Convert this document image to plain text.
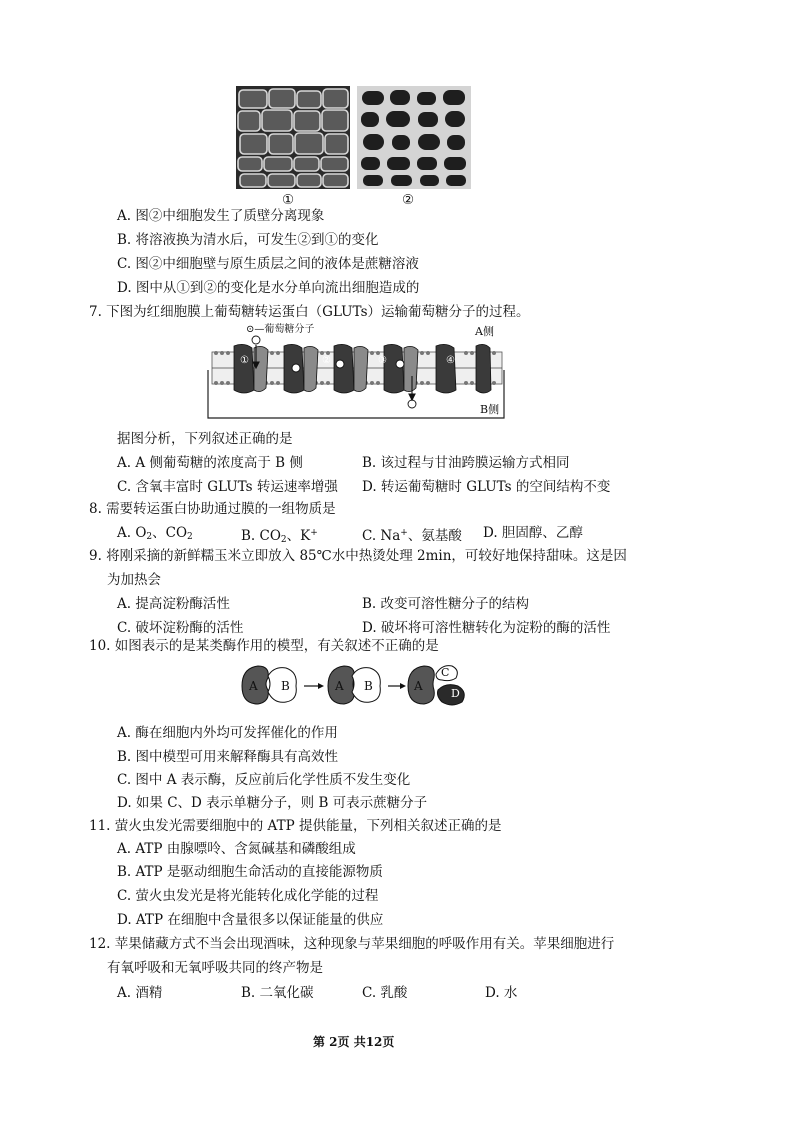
①	②
A. 图②中细胞发生了质壁分离现象
B. 将溶液换为清水后，可发生②到①的变化
C. 图②中细胞壁与原生质层之间的液体是蔗糖溶液
D. 图中从①到②的变化是水分单向流出细胞造成的
7. 下图为红细胞膜上葡萄糖转运蛋白（GLUTs）运输葡萄糖分子的过程。
⊙—葡萄糖分子	A侧
B侧
①	②	③	④
据图分析，下列叙述正确的是
A. A 侧葡萄糖的浓度高于 B 侧	B. 该过程与甘油跨膜运输方式相同
C. 含氧丰富时 GLUTs 转运速率增强 D. 转运葡萄糖时 GLUTs 的空间结构不变
8. 需要转运蛋白协助通过膜的一组物质是
A. $O_2$、$CO_2$	B. $CO_2$、K+	C. Na+、氨基酸 D. 胆固醇、乙醇
9. 将刚采摘的新鲜糯玉米立即放入 85℃水中热烫处理 2min，可较好地保持甜味。这是因
为加热会
A. 提高淀粉酶活性	B. 改变可溶性糖分子的结构
C. 破坏淀粉酶的活性	D. 破坏将可溶性糖转化为淀粉的酶的活性
10. 如图表示的是某类酶作用的模型，有关叙述不正确的是
A B	A B	A
C
D
A. 酶在细胞内外均可发挥催化的作用
B. 图中模型可用来解释酶具有高效性
C. 图中 A 表示酶，反应前后化学性质不发生变化
D. 如果 C、D 表示单糖分子，则 B 可表示蔗糖分子
11. 萤火虫发光需要细胞中的 ATP 提供能量，下列相关叙述正确的是
A. ATP 由腺嘌呤、含氮碱基和磷酸组成
B. ATP 是驱动细胞生命活动的直接能源物质
C. 萤火虫发光是将光能转化成化学能的过程
D. ATP 在细胞中含量很多以保证能量的供应
12. 苹果储藏方式不当会出现酒味，这种现象与苹果细胞的呼吸作用有关。苹果细胞进行
有氧呼吸和无氧呼吸共同的终产物是
A. 酒精	B. 二氧化碳	C. 乳酸	D. 水
第 2页 共12页
